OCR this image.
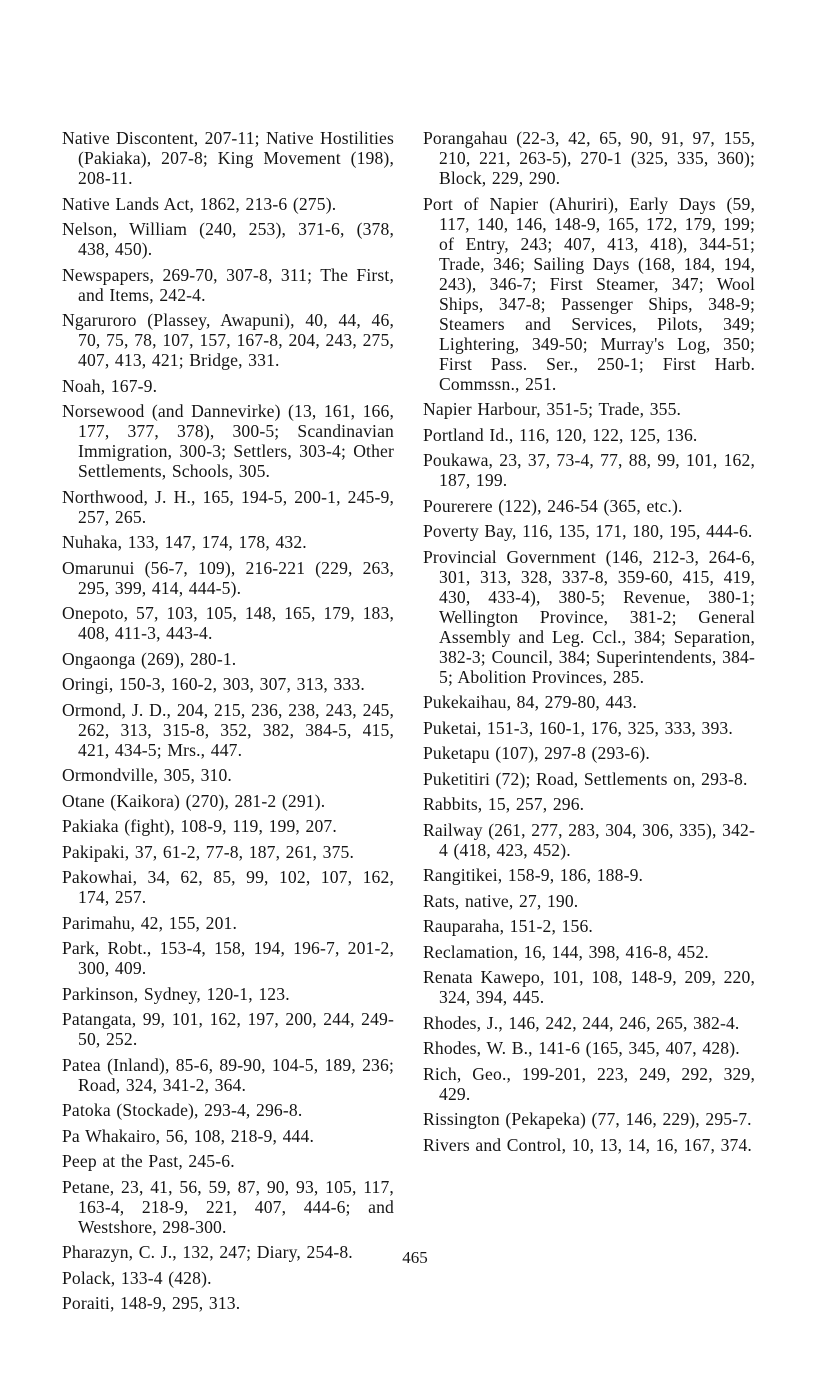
Native Discontent, 207-11; Native Hostilities (Pakiaka), 207-8; King Movement (198), 208-11.
Native Lands Act, 1862, 213-6 (275).
Nelson, William (240, 253), 371-6, (378, 438, 450).
Newspapers, 269-70, 307-8, 311; The First, and Items, 242-4.
Ngaruroro (Plassey, Awapuni), 40, 44, 46, 70, 75, 78, 107, 157, 167-8, 204, 243, 275, 407, 413, 421; Bridge, 331.
Noah, 167-9.
Norsewood (and Dannevirke) (13, 161, 166, 177, 377, 378), 300-5; Scandinavian Immigration, 300-3; Settlers, 303-4; Other Settlements, Schools, 305.
Northwood, J. H., 165, 194-5, 200-1, 245-9, 257, 265.
Nuhaka, 133, 147, 174, 178, 432.
Omarunui (56-7, 109), 216-221 (229, 263, 295, 399, 414, 444-5).
Onepoto, 57, 103, 105, 148, 165, 179, 183, 408, 411-3, 443-4.
Ongaonga (269), 280-1.
Oringi, 150-3, 160-2, 303, 307, 313, 333.
Ormond, J. D., 204, 215, 236, 238, 243, 245, 262, 313, 315-8, 352, 382, 384-5, 415, 421, 434-5; Mrs., 447.
Ormondville, 305, 310.
Otane (Kaikora) (270), 281-2 (291).
Pakiaka (fight), 108-9, 119, 199, 207.
Pakipaki, 37, 61-2, 77-8, 187, 261, 375.
Pakowhai, 34, 62, 85, 99, 102, 107, 162, 174, 257.
Parimahu, 42, 155, 201.
Park, Robt., 153-4, 158, 194, 196-7, 201-2, 300, 409.
Parkinson, Sydney, 120-1, 123.
Patangata, 99, 101, 162, 197, 200, 244, 249-50, 252.
Patea (Inland), 85-6, 89-90, 104-5, 189, 236; Road, 324, 341-2, 364.
Patoka (Stockade), 293-4, 296-8.
Pa Whakairo, 56, 108, 218-9, 444.
Peep at the Past, 245-6.
Petane, 23, 41, 56, 59, 87, 90, 93, 105, 117, 163-4, 218-9, 221, 407, 444-6; and Westshore, 298-300.
Pharazyn, C. J., 132, 247; Diary, 254-8.
Polack, 133-4 (428).
Poraiti, 148-9, 295, 313.
Porangahau (22-3, 42, 65, 90, 91, 97, 155, 210, 221, 263-5), 270-1 (325, 335, 360); Block, 229, 290.
Port of Napier (Ahuriri), Early Days (59, 117, 140, 146, 148-9, 165, 172, 179, 199; of Entry, 243; 407, 413, 418), 344-51; Trade, 346; Sailing Days (168, 184, 194, 243), 346-7; First Steamer, 347; Wool Ships, 347-8; Passenger Ships, 348-9; Steamers and Services, Pilots, 349; Lightering, 349-50; Murray's Log, 350; First Pass. Ser., 250-1; First Harb. Commssn., 251.
Napier Harbour, 351-5; Trade, 355.
Portland Id., 116, 120, 122, 125, 136.
Poukawa, 23, 37, 73-4, 77, 88, 99, 101, 162, 187, 199.
Pourerere (122), 246-54 (365, etc.).
Poverty Bay, 116, 135, 171, 180, 195, 444-6.
Provincial Government (146, 212-3, 264-6, 301, 313, 328, 337-8, 359-60, 415, 419, 430, 433-4), 380-5; Revenue, 380-1; Wellington Province, 381-2; General Assembly and Leg. Ccl., 384; Separation, 382-3; Council, 384; Superintendents, 384-5; Abolition Provinces, 285.
Pukekaihau, 84, 279-80, 443.
Puketai, 151-3, 160-1, 176, 325, 333, 393.
Puketapu (107), 297-8 (293-6).
Puketitiri (72); Road, Settlements on, 293-8.
Rabbits, 15, 257, 296.
Railway (261, 277, 283, 304, 306, 335), 342-4 (418, 423, 452).
Rangitikei, 158-9, 186, 188-9.
Rats, native, 27, 190.
Rauparaha, 151-2, 156.
Reclamation, 16, 144, 398, 416-8, 452.
Renata Kawepo, 101, 108, 148-9, 209, 220, 324, 394, 445.
Rhodes, J., 146, 242, 244, 246, 265, 382-4.
Rhodes, W. B., 141-6 (165, 345, 407, 428).
Rich, Geo., 199-201, 223, 249, 292, 329, 429.
Rissington (Pekapeka) (77, 146, 229), 295-7.
Rivers and Control, 10, 13, 14, 16, 167, 374.
465
